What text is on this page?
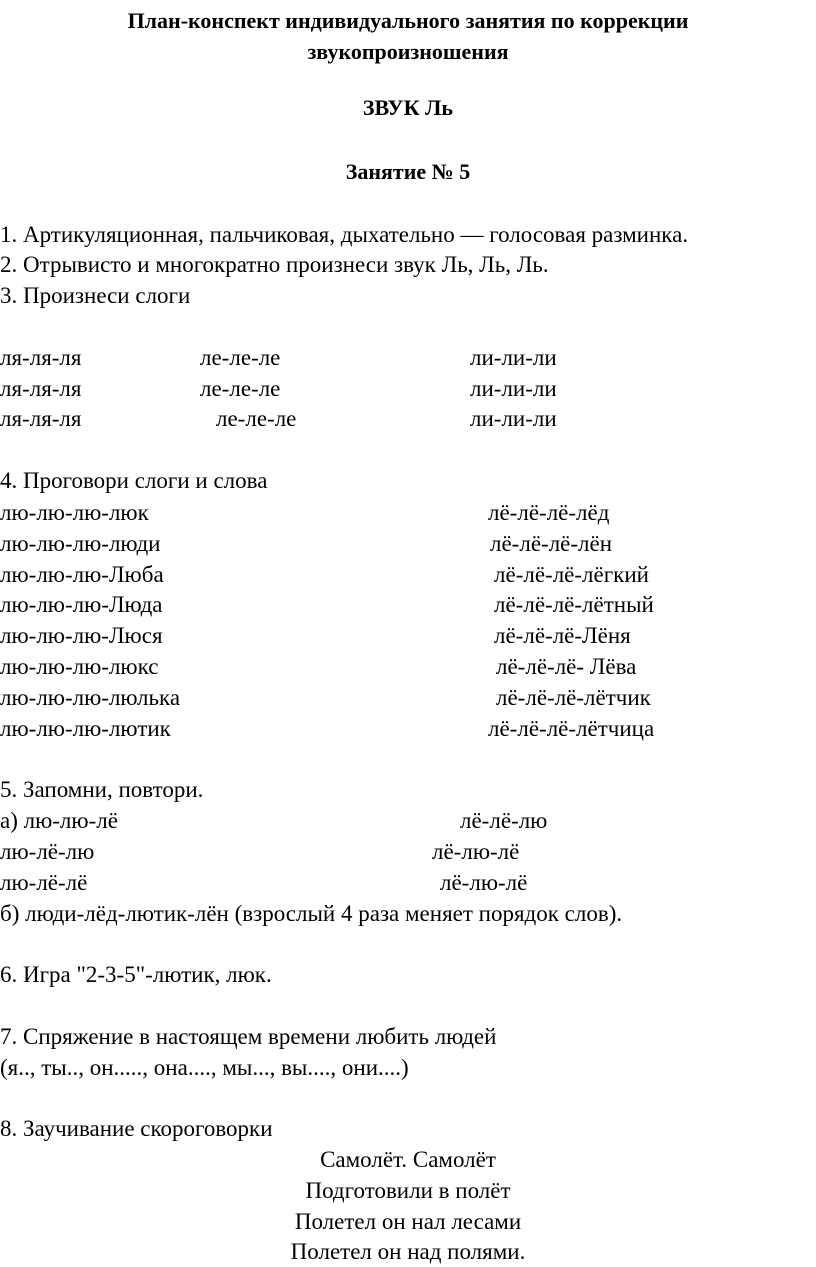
План-конспект индивидуального занятия по коррекции
звукопроизношения
ЗВУК Ль
Занятие № 5
1. Артикуляционная, пальчиковая, дыхательно — голосовая разминка.
2. Отрывисто и многократно произнеси звук Ль, Ль, Ль.
3. Произнеси слоги
ля-ля-ля	ле-ле-ле	ли-ли-ли
ля-ля-ля	ле-ле-ле	ли-ли-ли
ля-ля-ля	ле-ле-ле	ли-ли-ли
4. Проговори слоги и слова
лю-лю-лю-люк	лё-лё-лё-лёд
лю-лю-лю-люди	лё-лё-лё-лён
лю-лю-лю-Люба	лё-лё-лё-лёгкий
лю-лю-лю-Люда	лё-лё-лё-лётный
лю-лю-лю-Люся	лё-лё-лё-Лёня
лю-лю-лю-люкс	лё-лё-лё- Лёва
лю-лю-лю-люлька	лё-лё-лё-лётчик
лю-лю-лю-лютик	лё-лё-лё-лётчица
5. Запомни, повтори.
а) лю-лю-лё	лё-лё-лю
лю-лё-лю	лё-лю-лё
лю-лё-лё	лё-лю-лё
б) люди-лёд-лютик-лён (взрослый 4 раза меняет порядок слов).
6. Игра "2-3-5"-лютик, люк.
7. Спряжение в настоящем времени любить людей
(я.., ты.., он....., она...., мы..., вы...., они....)
8. Заучивание скороговорки
Самолёт. Самолёт
Подготовили в полёт
Полетел он нал лесами
Полетел он над полями.
